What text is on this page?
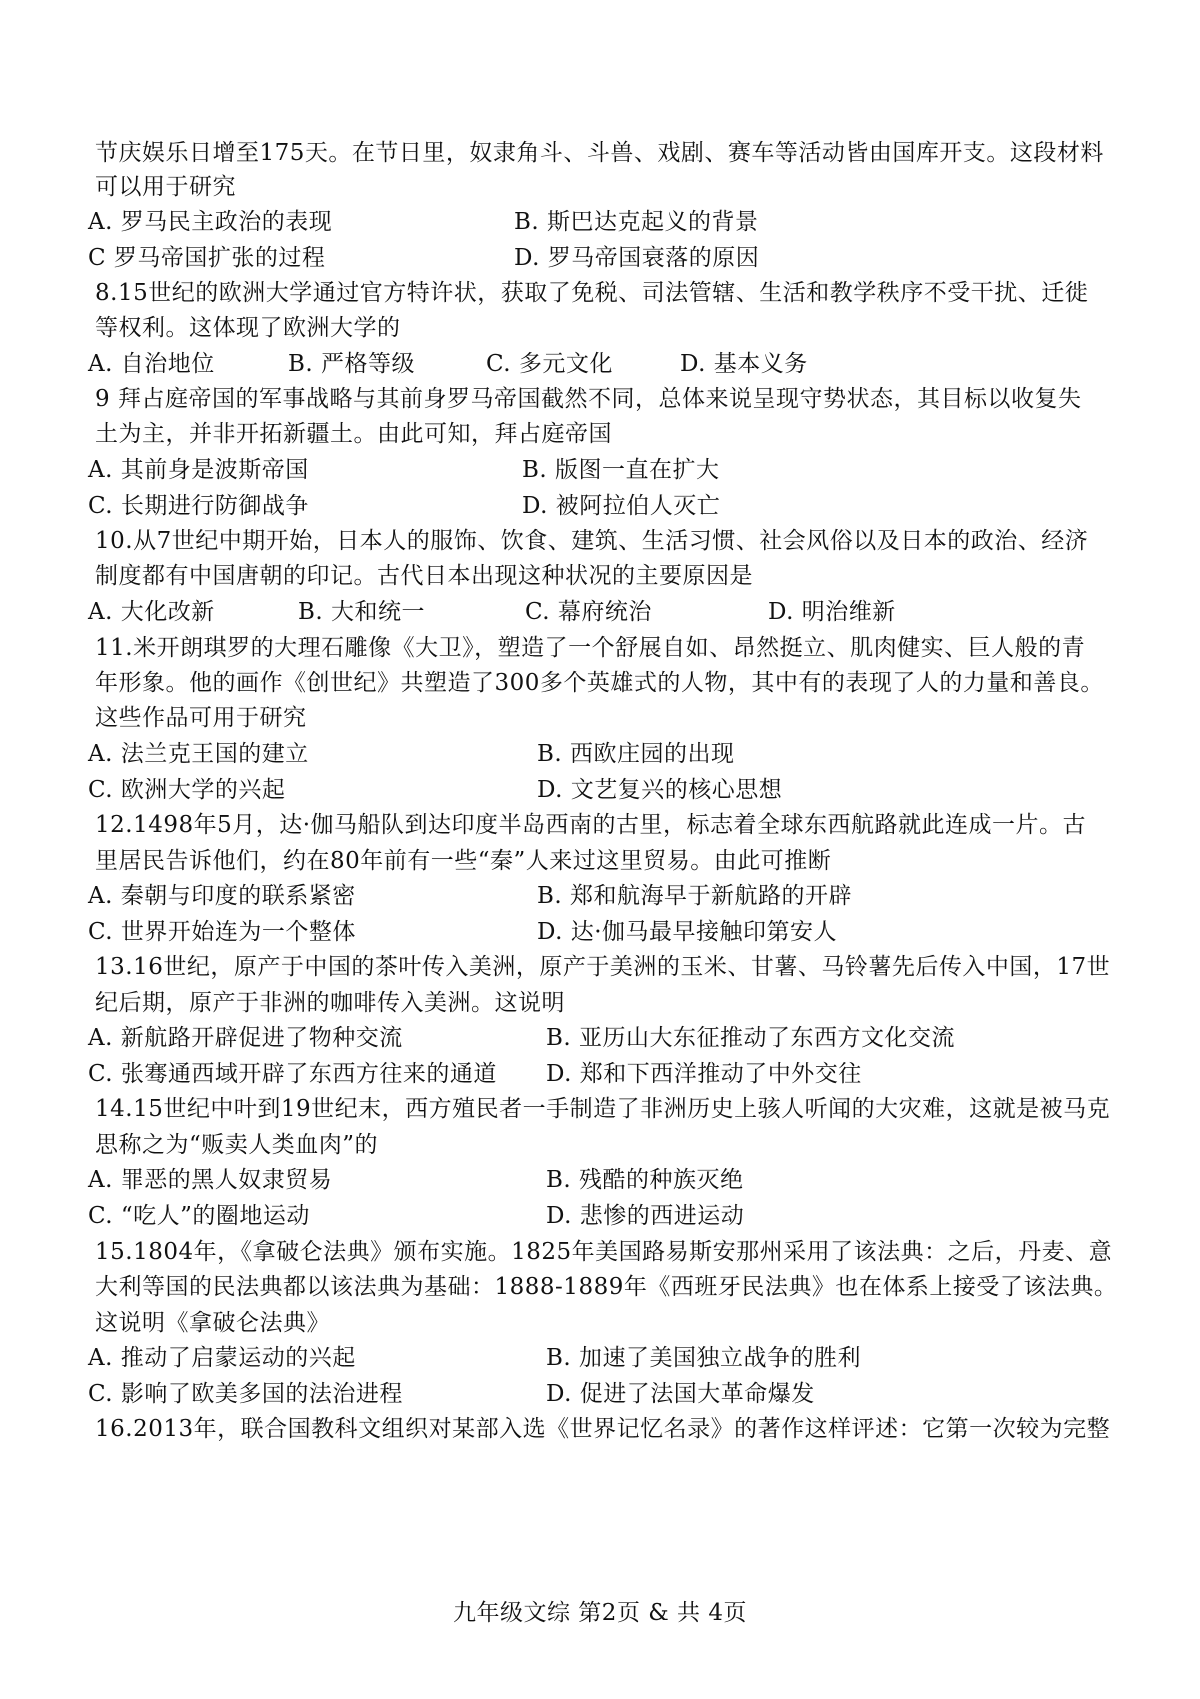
节庆娱乐日增至175天。在节日里，奴隶角斗、斗兽、戏剧、赛车等活动皆由国库开支。这段材料
可以用于研究
A. 罗马民主政治的表现	B. 斯巴达克起义的背景
C 罗马帝国扩张的过程	D. 罗马帝国衰落的原因
8.15世纪的欧洲大学通过官方特许状，获取了免税、司法管辖、生活和教学秩序不受干扰、迁徙
等权利。这体现了欧洲大学的
A. 自治地位	B. 严格等级	C. 多元文化	D. 基本义务
9 拜占庭帝国的军事战略与其前身罗马帝国截然不同，总体来说呈现守势状态，其目标以收复失
土为主，并非开拓新疆土。由此可知，拜占庭帝国
A. 其前身是波斯帝国	B. 版图一直在扩大
C. 长期进行防御战争	D. 被阿拉伯人灭亡
10.从7世纪中期开始，日本人的服饰、饮食、建筑、生活习惯、社会风俗以及日本的政治、经济
制度都有中国唐朝的印记。古代日本出现这种状况的主要原因是
A. 大化改新	B. 大和统一	C. 幕府统治	D. 明治维新
11.米开朗琪罗的大理石雕像《大卫》，塑造了一个舒展自如、昂然挺立、肌肉健实、巨人般的青
年形象。他的画作《创世纪》共塑造了300多个英雄式的人物，其中有的表现了人的力量和善良。
这些作品可用于研究
A. 法兰克王国的建立	B. 西欧庄园的出现
C. 欧洲大学的兴起	D. 文艺复兴的核心思想
12.1498年5月，达·伽马船队到达印度半岛西南的古里，标志着全球东西航路就此连成一片。古
里居民告诉他们，约在80年前有一些“秦”人来过这里贸易。由此可推断
A. 秦朝与印度的联系紧密	B. 郑和航海早于新航路的开辟
C. 世界开始连为一个整体	D. 达·伽马最早接触印第安人
13.16世纪，原产于中国的茶叶传入美洲，原产于美洲的玉米、甘薯、马铃薯先后传入中国，17世
纪后期，原产于非洲的咖啡传入美洲。这说明
A. 新航路开辟促进了物种交流	B. 亚历山大东征推动了东西方文化交流
C. 张骞通西域开辟了东西方往来的通道 D. 郑和下西洋推动了中外交往
14.15世纪中叶到19世纪末，西方殖民者一手制造了非洲历史上骇人听闻的大灾难，这就是被马克
思称之为“贩卖人类血肉”的
A. 罪恶的黑人奴隶贸易	B. 残酷的种族灭绝
C. “吃人”的圈地运动	D. 悲惨的西进运动
15.1804年，《拿破仑法典》颁布实施。1825年美国路易斯安那州采用了该法典：之后，丹麦、意
大利等国的民法典都以该法典为基础：1888-1889年《西班牙民法典》也在体系上接受了该法典。
这说明《拿破仑法典》
A. 推动了启蒙运动的兴起	B. 加速了美国独立战争的胜利
C. 影响了欧美多国的法治进程	D. 促进了法国大革命爆发
16.2013年，联合国教科文组织对某部入选《世界记忆名录》的著作这样评述：它第一次较为完整
九年级文综 第2页 & 共 4页
